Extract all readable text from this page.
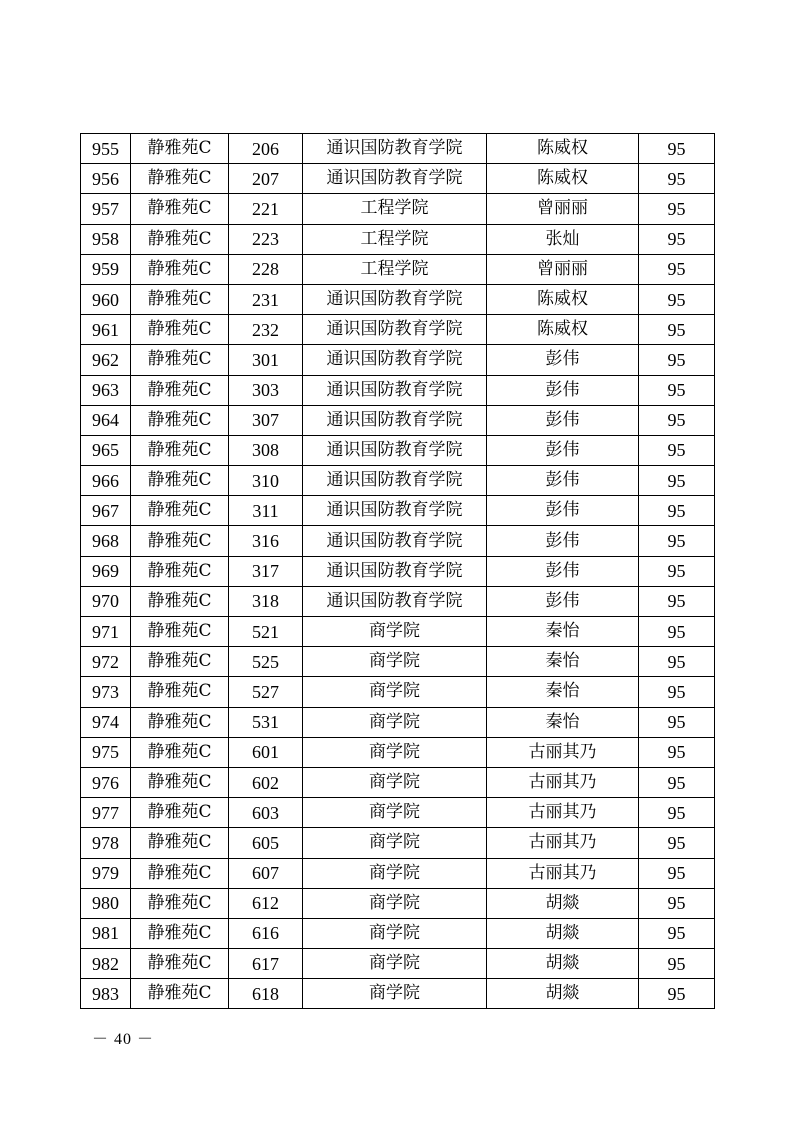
955	静雅苑C	206	通识国防教育学院	陈威权	95
956	静雅苑C	207	通识国防教育学院	陈威权	95
957	静雅苑C	221	工程学院	曾丽丽	95
958	静雅苑C	223	工程学院	张灿	95
959	静雅苑C	228	工程学院	曾丽丽	95
960	静雅苑C	231	通识国防教育学院	陈威权	95
961	静雅苑C	232	通识国防教育学院	陈威权	95
962	静雅苑C	301	通识国防教育学院	彭伟	95
963	静雅苑C	303	通识国防教育学院	彭伟	95
964	静雅苑C	307	通识国防教育学院	彭伟	95
965	静雅苑C	308	通识国防教育学院	彭伟	95
966	静雅苑C	310	通识国防教育学院	彭伟	95
967	静雅苑C	311	通识国防教育学院	彭伟	95
968	静雅苑C	316	通识国防教育学院	彭伟	95
969	静雅苑C	317	通识国防教育学院	彭伟	95
970	静雅苑C	318	通识国防教育学院	彭伟	95
971	静雅苑C	521	商学院	秦怡	95
972	静雅苑C	525	商学院	秦怡	95
973	静雅苑C	527	商学院	秦怡	95
974	静雅苑C	531	商学院	秦怡	95
975	静雅苑C	601	商学院	古丽其乃	95
976	静雅苑C	602	商学院	古丽其乃	95
977	静雅苑C	603	商学院	古丽其乃	95
978	静雅苑C	605	商学院	古丽其乃	95
979	静雅苑C	607	商学院	古丽其乃	95
980	静雅苑C	612	商学院	胡燚	95
981	静雅苑C	616	商学院	胡燚	95
982	静雅苑C	617	商学院	胡燚	95
983	静雅苑C	618	商学院	胡燚	95
－ 40 －
